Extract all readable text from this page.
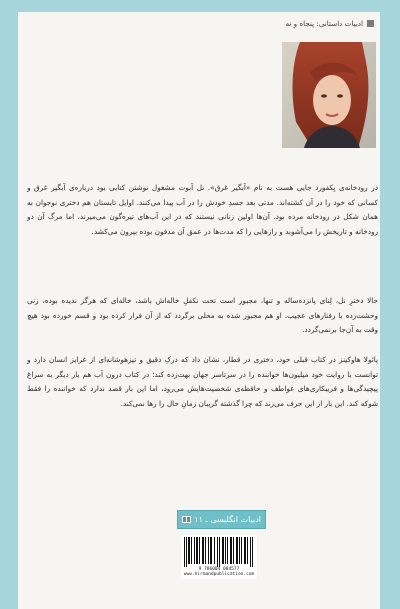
ادبیات داستانی: پنجاه و نه

در رودخانه‌ی بِکفورد جایی هست به نام «آبگیر غرق». نل آبوت مشغول نوشتن کتابی بود درباره‌ی آبگیر غرق و کسانی که خود را در آن کشته‌اند. مدتی بعد جسدِ خودش را در آب پیدا می‌کنند. اوایل تابستان هم دختری نوجوان به همان شکل در رودخانه مرده بود. آن‌ها اولین زنانی نیستند که در این آب‌های تیره‌گون می‌میرند، اما مرگ آن دو رودخانه و تاریخش را می‌آشوبد و رازهایی را که مدت‌ها در عمق آن مدفون بوده بیرون می‌کشد.

حالا دخترِ نل، لِنای پانزده‌ساله و تنها، مجبور است تحت تکفلِ خاله‌اش باشد، خاله‌ای که هرگز ندیده بوده، زنی وحشت‌زده با رفتارهای عجیب. او هم مجبور شده به محلی برگردد که از آن فرار کرده بود و قسم خورده بود هیچ وقت به آن‌جا برنمی‌گردد.

پائولا هاوکینز در کتاب قبلی خود، دختری در قطار، نشان داد که درکِ دقیق و تیزهوشانه‌ای از غرایز انسان دارد و توانست با روایت خود میلیون‌ها خواننده را در سرتاسر جهان بهت‌زده کند؛ در کتاب درون آب هم بار دیگر به سراغ پیچیدگی‌ها و فریبکاری‌های عواطف و حافظه‌ی شخصیت‌هایش می‌رود، اما این بار قصد ندارد که خواننده را فقط شوکه کند. این بار از این حرف می‌زند که چرا گذشته گریبان زمانِ حال را رها نمی‌کند.

ادبیات انگلیسی ـ ۱۱
9 786004 084577
www.hirmandpublication.com
